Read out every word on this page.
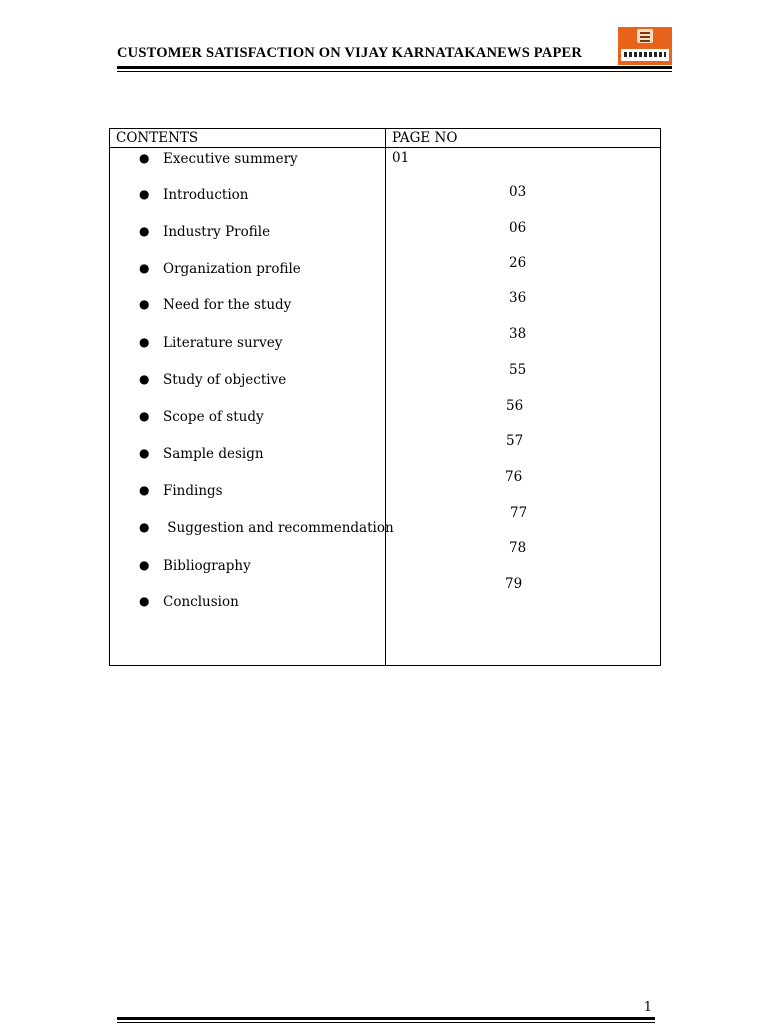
CUSTOMER SATISFACTION ON VIJAY KARNATAKANEWS PAPER
CONTENTS	PAGE NO
● Executive summery
● Introduction
● Industry Profile
● Organization profile
● Need for the study
● Literature survey
● Study of objective
● Scope of study
● Sample design
● Findings
● Suggestion and recommendation
● Bibliography
● Conclusion
01
03
06
26
36
38
55
56
57
76
77
78
79
1
